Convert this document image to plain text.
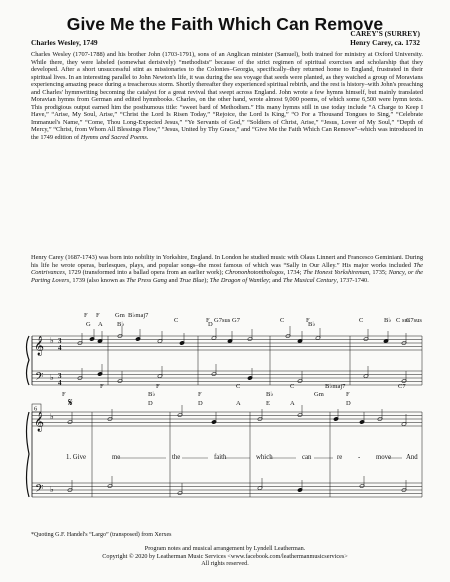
Give Me the Faith Which Can Remove
Charles Wesley, 1749
CAREY'S (SURREY)
Henry Carey, ca. 1732
Charles Wesley (1707-1788) and his brother John (1703-1791), sons of an Anglican minister (Samuel), both trained for ministry at Oxford University. While there, they were labeled (somewhat derisively) “methodists” because of the strict regimen of spiritual exercises and scholarship that they developed. After a short unsuccessful stint as missionaries to the Colonies–Georgia, specifically–they returned home to England, frustrated in their spiritual lives. In an interesting parallel to John Newton's life, it was during the sea voyage that seeds were planted, as they watched a group of Moravians experiencing amazing peace during a treacherous storm. Shortly thereafter they experienced spiritual rebirth, and the rest is history–with John's preaching and Charles' hymnwriting becoming the catalyst for a great revival that swept across England. John wrote a few hymns himself, but mainly translated Moravian hymns from German and edited hymnbooks. Charles, on the other hand, wrote almost 9,000 poems, of which some 6,500 were hymn texts. This prodigious output earned him the posthumous title: “sweet bard of Methodism.” His many hymns still in use today include “A Charge to Keep I Have,” “Arise, My Soul, Arise,” “Christ the Lord Is Risen Today,” “Rejoice, the Lord Is King,” “O For a Thousand Tongues to Sing,” “Celebrate Immanuel's Name,” “Come, Thou Long-Expected Jesus,” “Ye Servants of God,” “Soldiers of Christ, Arise,” “Jesus, Lover of My Soul,” “Depth of Mercy,” “Christ, from Whom All Blessings Flow,” “Jesus, United by Thy Grace,” and “Give Me the Faith Which Can Remove”–which was introduced in the 1749 edition of Hymns and Sacred Poems.
Henry Carey (1687-1743) was born into nobility in Yorkshire, England. In London he studied music with Olaus Linnert and Francesco Geminiani. During his life he wrote operas, burlesques, plays, and popular songs–the most famous of which was “Sally in Our Alley.” His major works included The Contrivances, 1729 (transformed into a ballad opera from an earlier work); Chrononhotonthologos, 1734; The Honest Yorkshireman, 1735; Nancy, or the Parting Lovers, 1739 (also known as The Press Gang and True Blue); The Dragon of Wantley; and The Musical Century, 1737-1740.
𝄞
𝄢
♭
♭
3
4
3
4
𝄞
𝄢
♭
♭
𝄋
6
F F Gm B♭maj7
C	F G7sus G7	C	F	C	B♭ C sus
C7sus
G A B♭	D	B♭
F
F
B♭
F
F
C
B♭
C
Gm
B♭maj7
F
C7
D	D	A	E	A	D
1. Give	me	the	faith	which	can	re - move And
*Quoting G.F. Handel's “Largo” (transposed) from Xerxes
Program notes and musical arrangement by Lyndell Leatherman.
Copyright © 2020 by Leatherman Music Services <www.facebook.com/leathermanmusicservices>
All rights reserved.
